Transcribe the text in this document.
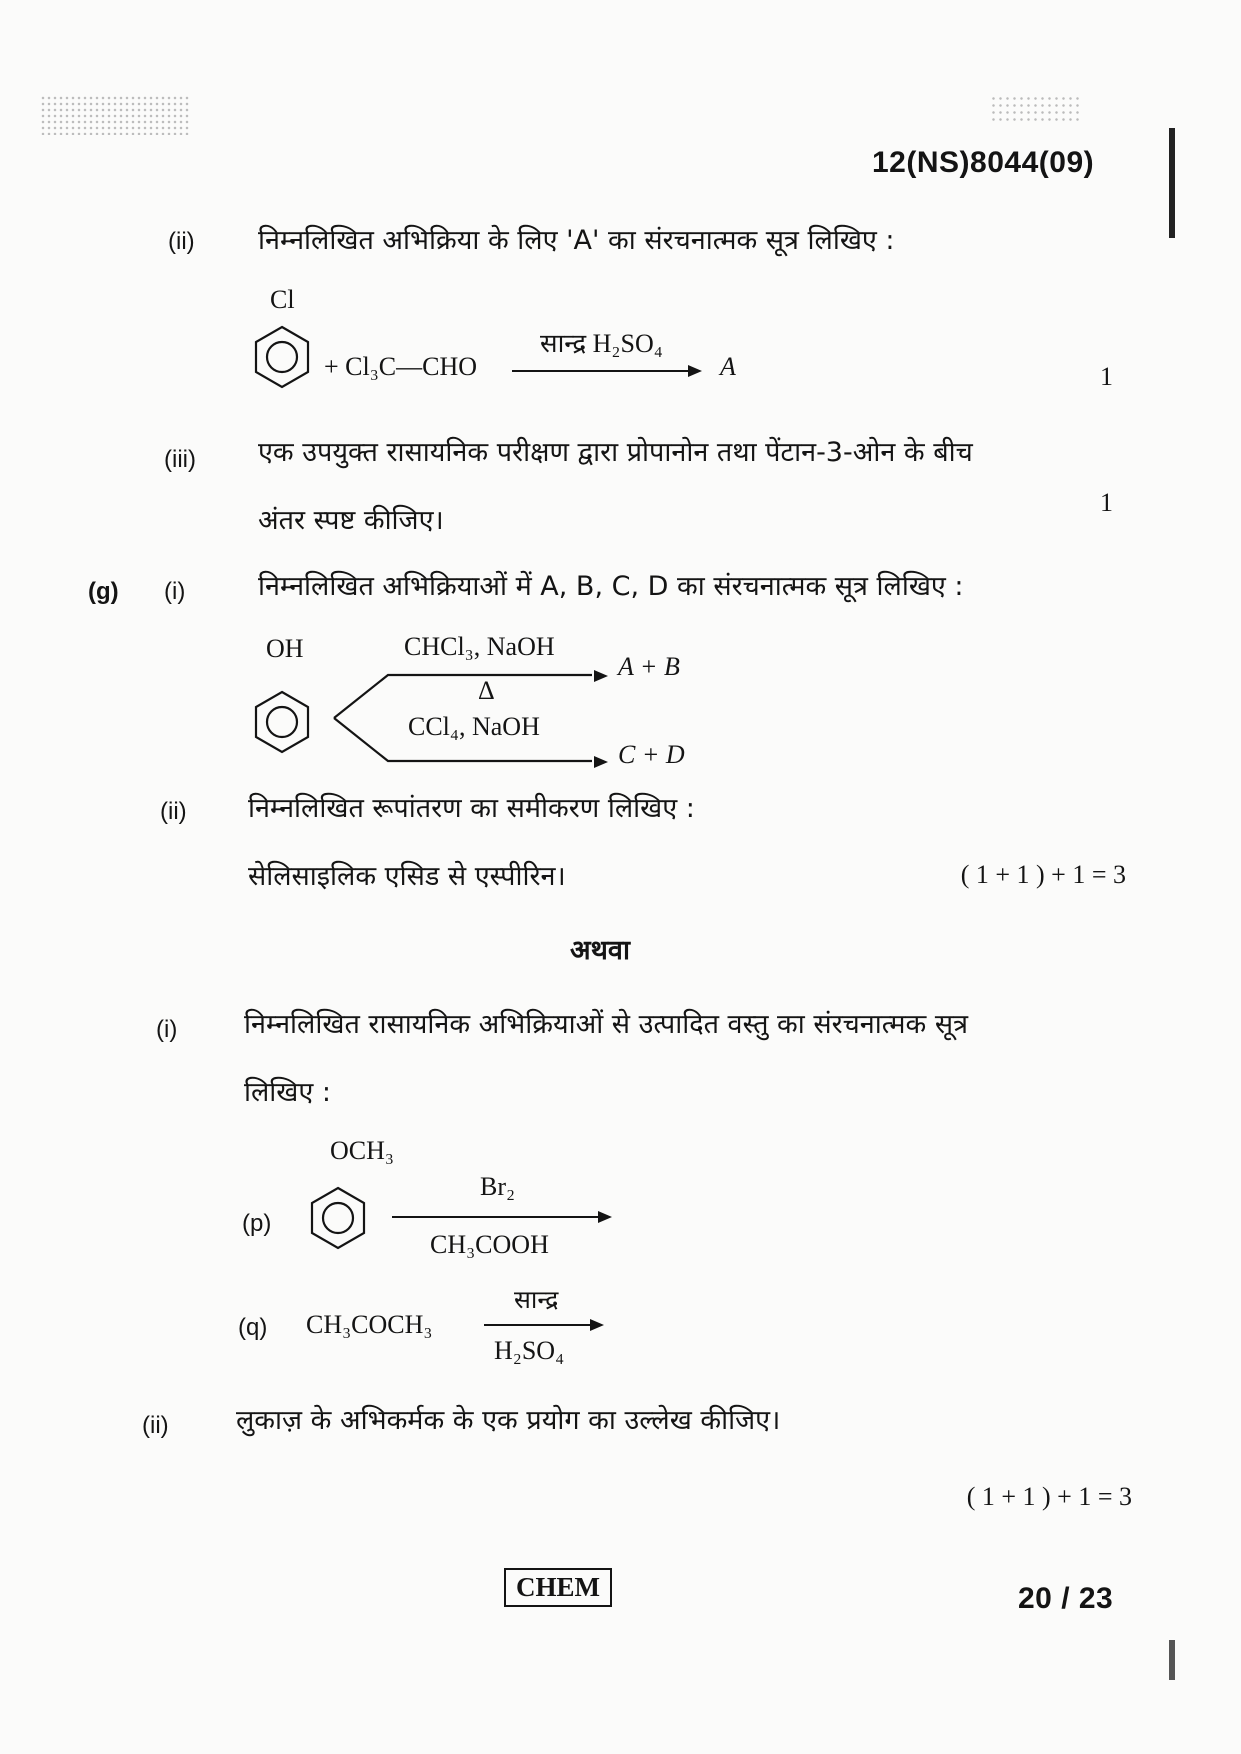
12(NS)8044(09)
(ii) निम्नलिखित अभिक्रिया के लिए 'A' का संरचनात्मक सूत्र लिखिए :
Cl
+ Cl₃C—CHO
सान्द्र H₂SO₄
A	1
(iii) एक उपयुक्त रासायनिक परीक्षण द्वारा प्रोपानोन तथा पेंटान-3-ओन के बीच
अंतर स्पष्ट कीजिए।
1
(g) (i)	निम्नलिखित अभिक्रियाओं में A, B, C, D का संरचनात्मक सूत्र लिखिए :
OH	CHCl₃, NaOH
Δ
A + B
CCl₄, NaOH
C + D
(ii) निम्नलिखित रूपांतरण का समीकरण लिखिए :
सेलिसाइलिक एसिड से एस्पीरिन।	( 1 + 1 ) + 1 = 3
अथवा
(i) निम्नलिखित रासायनिक अभिक्रियाओं से उत्पादित वस्तु का संरचनात्मक सूत्र
लिखिए :
OCH₃
(p)
Br₂
CH₃COOH
(q) CH₃COCH₃
सान्द्र
H₂SO₄
(ii) लुकाज़ के अभिकर्मक के एक प्रयोग का उल्लेख कीजिए।
( 1 + 1 ) + 1 = 3
CHEM	20 / 23
